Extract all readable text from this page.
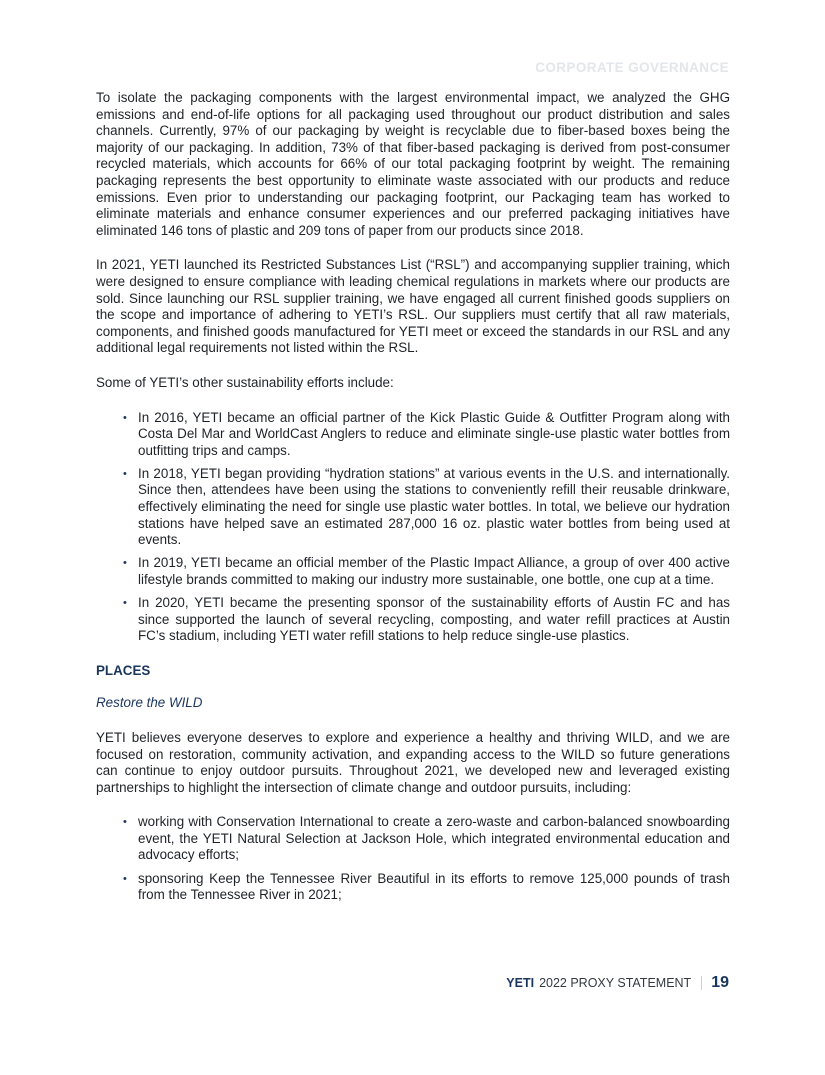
CORPORATE GOVERNANCE

To isolate the packaging components with the largest environmental impact, we analyzed the GHG emissions and end-of-life options for all packaging used throughout our product distribution and sales channels. Currently, 97% of our packaging by weight is recyclable due to fiber-based boxes being the majority of our packaging. In addition, 73% of that fiber-based packaging is derived from post-consumer recycled materials, which accounts for 66% of our total packaging footprint by weight. The remaining packaging represents the best opportunity to eliminate waste associated with our products and reduce emissions. Even prior to understanding our packaging footprint, our Packaging team has worked to eliminate materials and enhance consumer experiences and our preferred packaging initiatives have eliminated 146 tons of plastic and 209 tons of paper from our products since 2018.

In 2021, YETI launched its Restricted Substances List (“RSL”) and accompanying supplier training, which were designed to ensure compliance with leading chemical regulations in markets where our products are sold. Since launching our RSL supplier training, we have engaged all current finished goods suppliers on the scope and importance of adhering to YETI’s RSL. Our suppliers must certify that all raw materials, components, and finished goods manufactured for YETI meet or exceed the standards in our RSL and any additional legal requirements not listed within the RSL.

Some of YETI’s other sustainability efforts include:

• In 2016, YETI became an official partner of the Kick Plastic Guide & Outfitter Program along with Costa Del Mar and WorldCast Anglers to reduce and eliminate single-use plastic water bottles from outfitting trips and camps.
• In 2018, YETI began providing “hydration stations” at various events in the U.S. and internationally. Since then, attendees have been using the stations to conveniently refill their reusable drinkware, effectively eliminating the need for single use plastic water bottles. In total, we believe our hydration stations have helped save an estimated 287,000 16 oz. plastic water bottles from being used at events.
• In 2019, YETI became an official member of the Plastic Impact Alliance, a group of over 400 active lifestyle brands committed to making our industry more sustainable, one bottle, one cup at a time.
• In 2020, YETI became the presenting sponsor of the sustainability efforts of Austin FC and has since supported the launch of several recycling, composting, and water refill practices at Austin FC’s stadium, including YETI water refill stations to help reduce single-use plastics.
PLACES
Restore the WILD

YETI believes everyone deserves to explore and experience a healthy and thriving WILD, and we are focused on restoration, community activation, and expanding access to the WILD so future generations can continue to enjoy outdoor pursuits. Throughout 2021, we developed new and leveraged existing partnerships to highlight the intersection of climate change and outdoor pursuits, including:

• working with Conservation International to create a zero-waste and carbon-balanced snowboarding event, the YETI Natural Selection at Jackson Hole, which integrated environmental education and advocacy efforts;
• sponsoring Keep the Tennessee River Beautiful in its efforts to remove 125,000 pounds of trash from the Tennessee River in 2021;
YETI 2022 PROXY STATEMENT 19
